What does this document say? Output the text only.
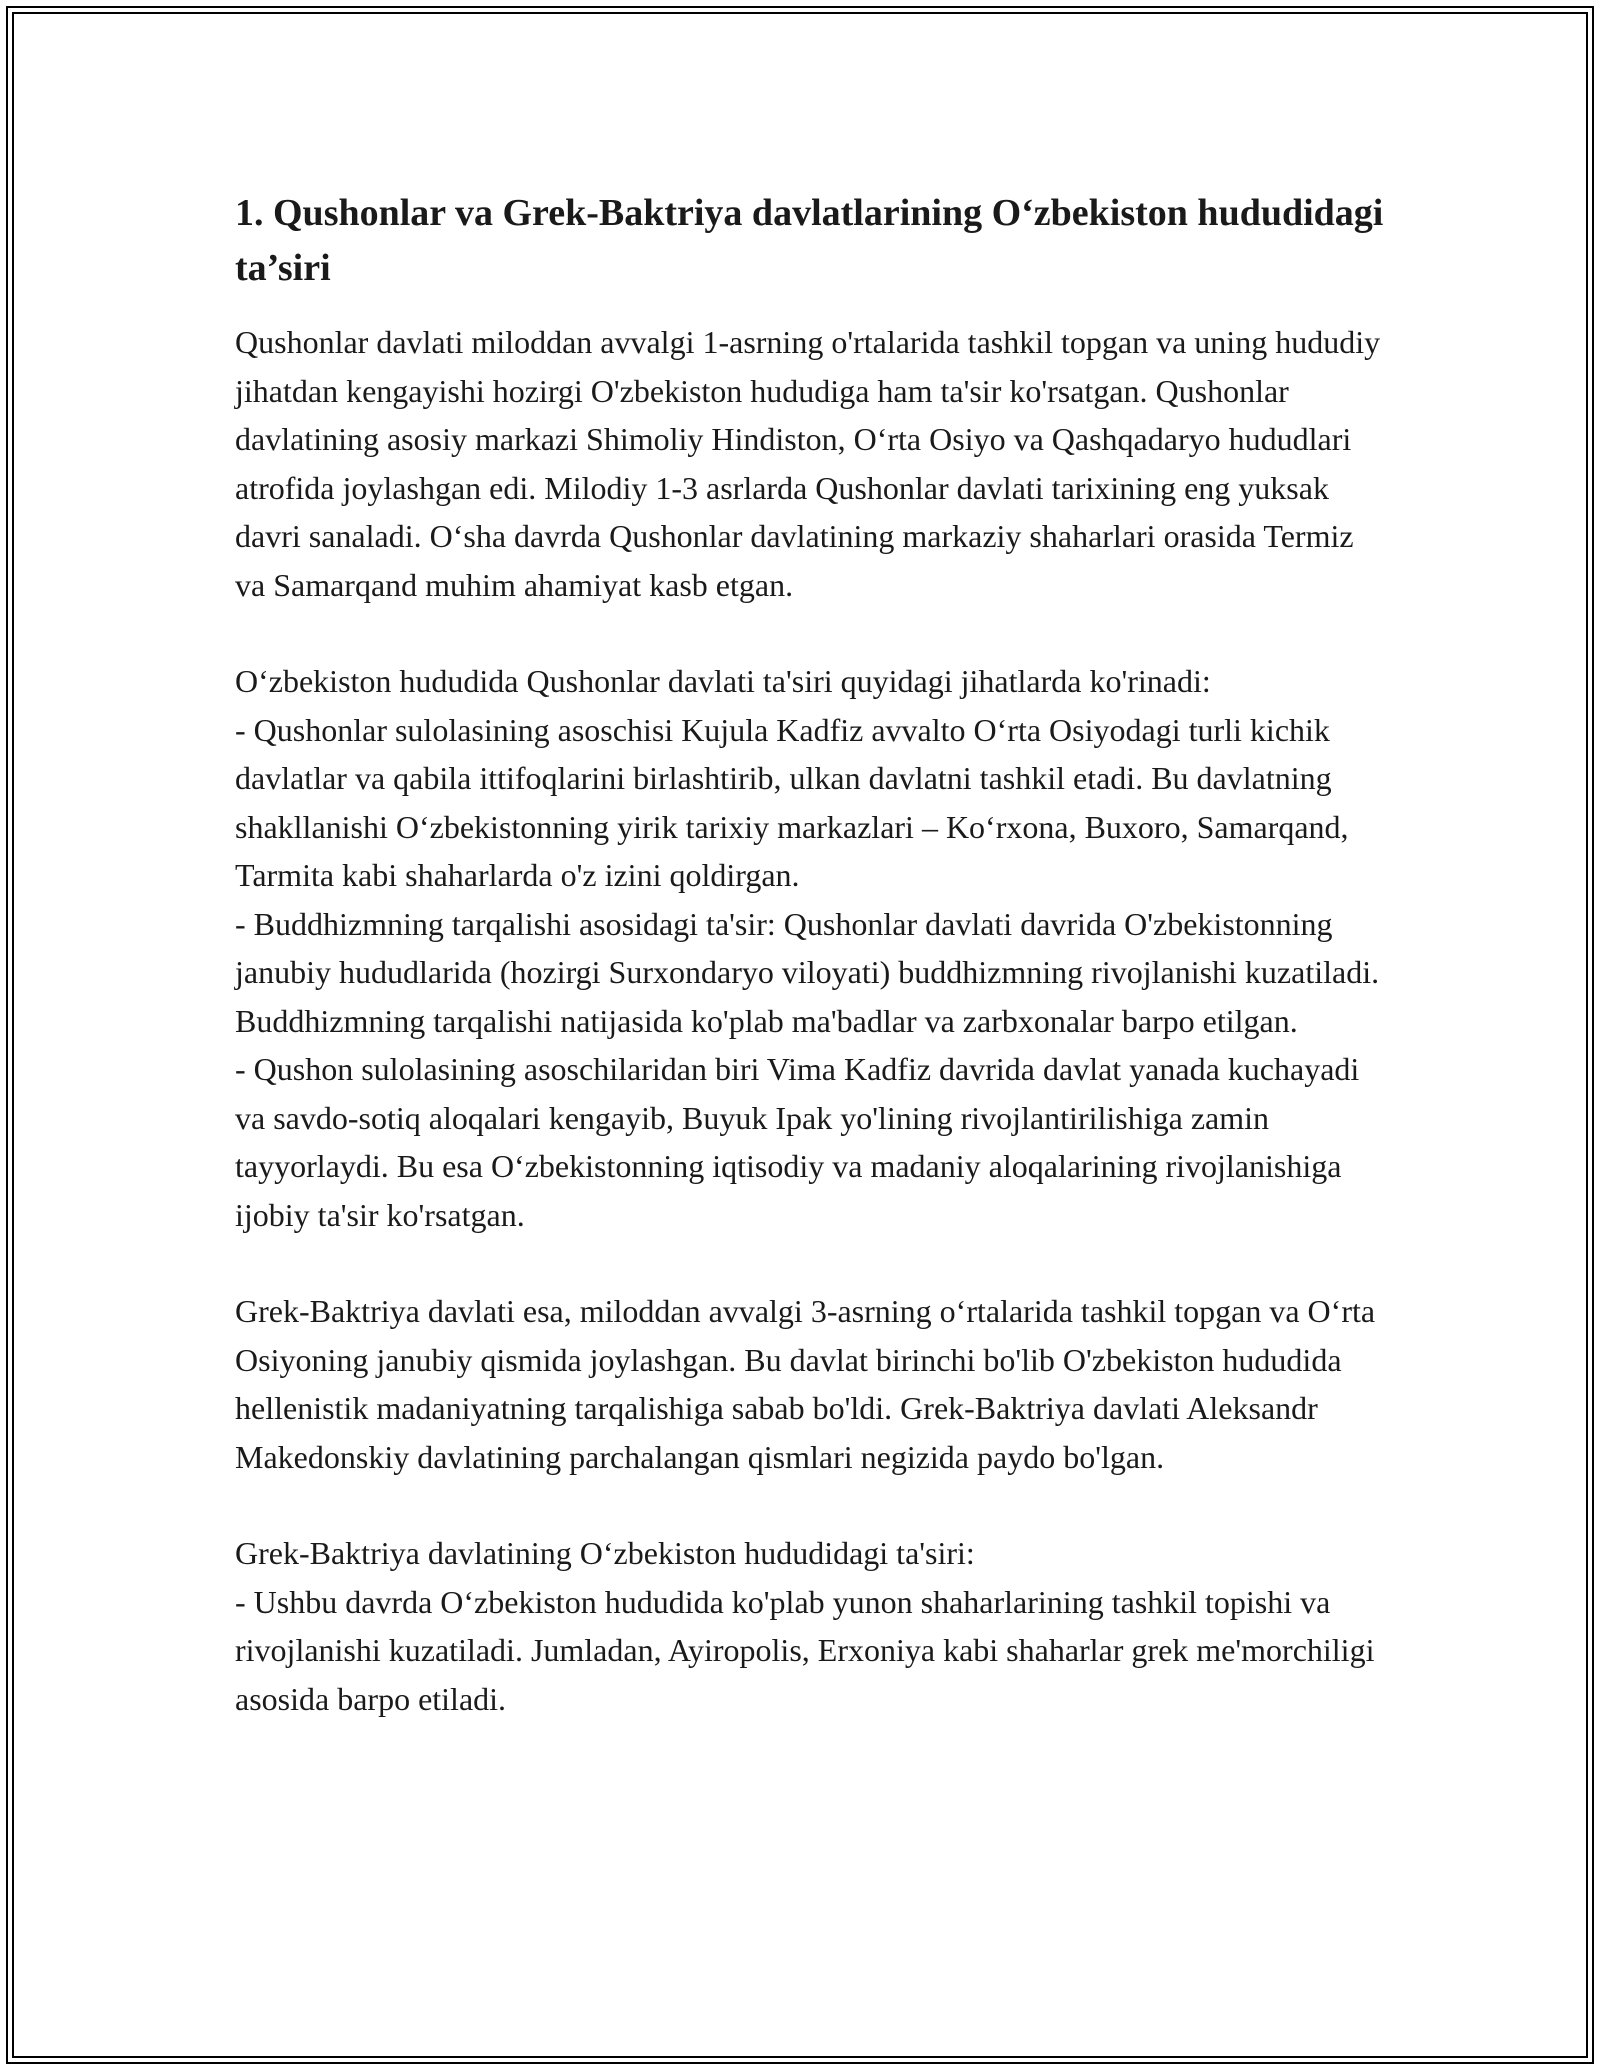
1. Qushonlar va Grek-Baktriya davlatlarining O‘zbekiston hududidagi ta’siri

Qushonlar davlati miloddan avvalgi 1-asrning o'rtalarida tashkil topgan va uning hududiy jihatdan kengayishi hozirgi O'zbekiston hududiga ham ta'sir ko'rsatgan. Qushonlar davlatining asosiy markazi Shimoliy Hindiston, O‘rta Osiyo va Qashqadaryo hududlari atrofida joylashgan edi. Milodiy 1-3 asrlarda Qushonlar davlati tarixining eng yuksak davri sanaladi. O‘sha davrda Qushonlar davlatining markaziy shaharlari orasida Termiz va Samarqand muhim ahamiyat kasb etgan.

O‘zbekiston hududida Qushonlar davlati ta'siri quyidagi jihatlarda ko'rinadi:

- Qushonlar sulolasining asoschisi Kujula Kadfiz avvalto O‘rta Osiyodagi turli kichik davlatlar va qabila ittifoqlarini birlashtirib, ulkan davlatni tashkil etadi. Bu davlatning shakllanishi O‘zbekistonning yirik tarixiy markazlari – Ko‘rxona, Buxoro, Samarqand, Tarmita kabi shaharlarda o'z izini qoldirgan.

- Buddhizmning tarqalishi asosidagi ta'sir: Qushonlar davlati davrida O'zbekistonning janubiy hududlarida (hozirgi Surxondaryo viloyati) buddhizmning rivojlanishi kuzatiladi. Buddhizmning tarqalishi natijasida ko'plab ma'badlar va zarbxonalar barpo etilgan.

- Qushon sulolasining asoschilaridan biri Vima Kadfiz davrida davlat yanada kuchayadi va savdo-sotiq aloqalari kengayib, Buyuk Ipak yo'lining rivojlantirilishiga zamin tayyorlaydi. Bu esa O‘zbekistonning iqtisodiy va madaniy aloqalarining rivojlanishiga ijobiy ta'sir ko'rsatgan.

Grek-Baktriya davlati esa, miloddan avvalgi 3-asrning o‘rtalarida tashkil topgan va O‘rta Osiyoning janubiy qismida joylashgan. Bu davlat birinchi bo'lib O'zbekiston hududida hellenistik madaniyatning tarqalishiga sabab bo'ldi. Grek-Baktriya davlati Aleksandr Makedonskiy davlatining parchalangan qismlari negizida paydo bo'lgan.

Grek-Baktriya davlatining O‘zbekiston hududidagi ta'siri:

- Ushbu davrda O‘zbekiston hududida ko'plab yunon shaharlarining tashkil topishi va rivojlanishi kuzatiladi. Jumladan, Ayiropolis, Erxoniya kabi shaharlar grek me'morchiligi asosida barpo etiladi.
